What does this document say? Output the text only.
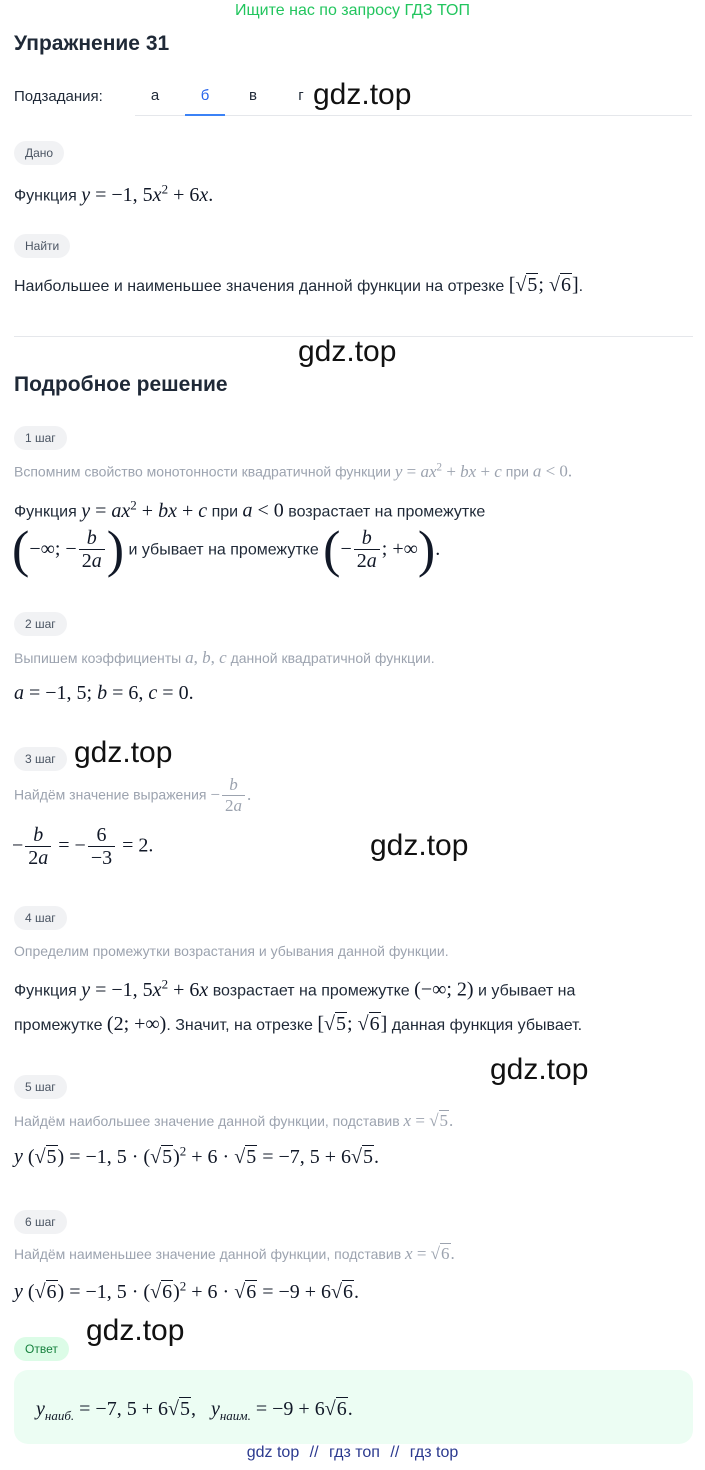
Ищите нас по запросу ГДЗ ТОП
Упражнение 31
Подзадания:	а	б	в	г gdz.top
Дано
Функция y = −1, $5x^2 + 6x$.
Найти
Наибольшее и наименьшее значения данной функции на отрезке [√5; √6].
gdz.top
Подробное решение
1 шаг
Вспомним свойство монотонности квадратичной функции $y = ax^2$ + bx + c при a < 0.
Функция $y = ax^2$ + bx + c при a < 0 возрастает на промежутке
(−∞; − $\frac{b}{2a}$ ) и убывает на промежутке (− $\frac{b}{2a}$ ; +∞).
2 шаг
Выпишем коэффициенты a, b, c данной квадратичной функции.
a = −1, 5; b = 6, c = 0.
3 шаг gdz.top
Найдём значение выражения − $\frac{b}{2a}$ .
− $\frac{b}{2a}$ = − $\frac{6}{-3} = 2$.	gdz.top
4 шаг
Определим промежутки возрастания и убывания данной функции.
Функция y = −1, $5x^2 + 6x$ возрастает на промежутке (−∞; 2) и убывает на
промежутке (2; +∞). Значит, на отрезке [√5; √6] данная функция убывает.
gdz.top
5 шаг
Найдём наибольшее значение данной функции, подставив x = √5.
y (√5) = −1, $5 \cdot (√5)^2 + 6 \cdot √5 = -7$, 5 + 6√5.
6 шаг
Найдём наименьшее значение данной функции, подставив x = √6.
y (√6) = −1, $5 \cdot (√6)^2 + 6 \cdot √6 = -9 + 6√6$.
gdz.top
Ответ
$y_{наиб.} = -7$, 5 + 6√5,   $y_{наим.} = -9 + 6√6$.
gdz top // гдз топ // гдз top
